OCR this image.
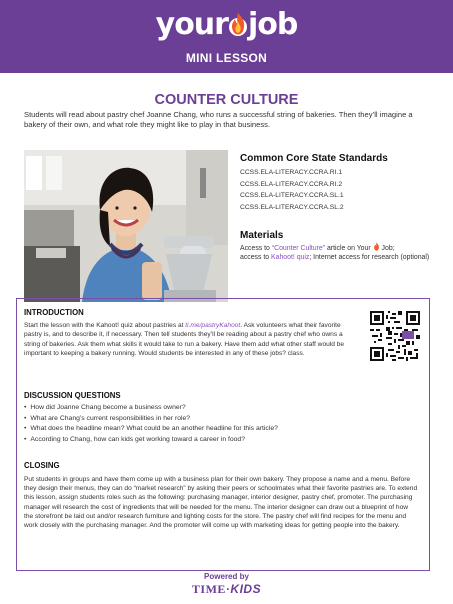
your job
MINI LESSON
COUNTER CULTURE
Students will read about pastry chef Joanne Chang, who runs a successful string of bakeries. Then they’ll imagine a bakery of their own, and what role they might like to play in that business.
Common Core State Standards
CCSS.ELA-LITERACY.CCRA.RI.1
CCSS.ELA-LITERACY.CCRA.RI.2
CCSS.ELA-LITERACY.CCRA.SL.1
CCSS.ELA-LITERACY.CCRA.SL.2
Materials
Access to “Counter Culture” article on Your Job;
access to Kahoot! quiz; Internet access for research (optional)
INTRODUCTION
Start the lesson with the Kahoot! quiz about pastries at ti.me/pastryKahoot. Ask volunteers what their favorite pastry is, and to describe it, if necessary. Then tell students they’ll be reading about a pastry chef who owns a string of bakeries. Ask them what skills it would take to run a bakery. Have them add what other staff would be important to keeping a bakery running. Would students be interested in any of these jobs? class.
DISCUSSION QUESTIONS
• How did Joanne Chang become a business owner?
• What are Chang’s current responsibilities in her role?
• What does the headline mean? What could be an another headline for this article?
• According to Chang, how can kids get working toward a career in food?
CLOSING
Put students in groups and have them come up with a business plan for their own bakery. They propose a name and a menu. Before they design their menus, they can do “market research” by asking their peers or schoolmates what their favorite pastries are. To extend this lesson, assign students roles such as the following: purchasing manager, interior designer, pastry chef, promoter. The purchasing manager will research the cost of ingredients that will be needed for the menu. The interior designer can draw out a blueprint of how the storefront be laid out and/or research furniture and lighting costs for the store. The pastry chef will find recipes for the menu and work closely with the purchasing manager. And the promoter will come up with marketing ideas for getting people into the bakery.
Powered by
TIME·KIDS
